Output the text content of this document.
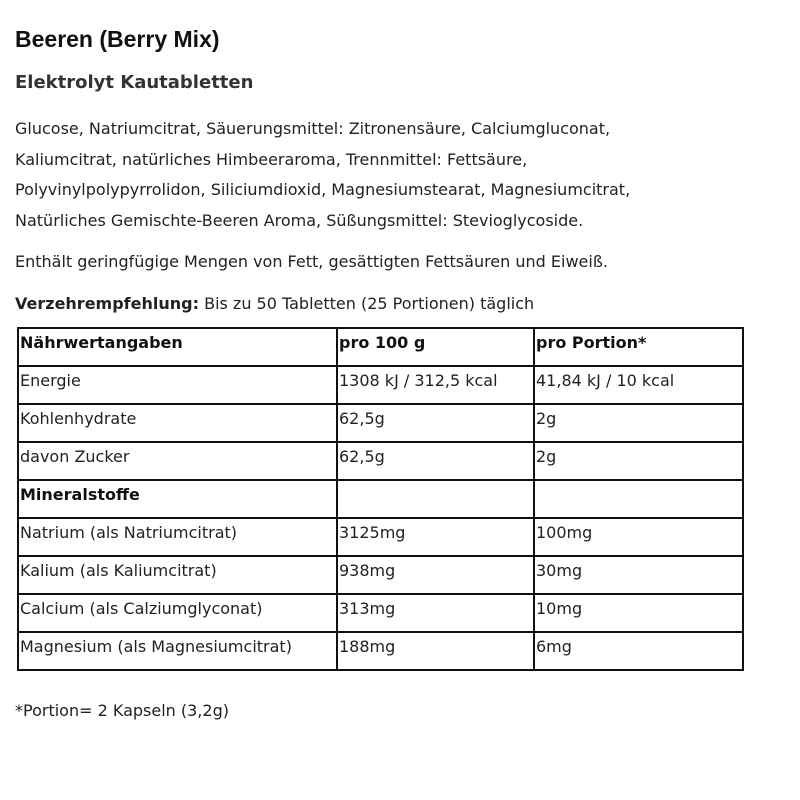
Beeren (Berry Mix)
Elektrolyt Kautabletten

Glucose, Natriumcitrat, Säuerungsmittel: Zitronensäure, Calciumgluconat,
Kaliumcitrat, natürliches Himbeeraroma, Trennmittel: Fettsäure,
Polyvinylpolypyrrolidon, Siliciumdioxid, Magnesiumstearat, Magnesiumcitrat,
Natürliches Gemischte-Beeren Aroma, Süßungsmittel: Stevioglycoside.

Enthält geringfügige Mengen von Fett, gesättigten Fettsäuren und Eiweiß.

Verzehrempfehlung: Bis zu 50 Tabletten (25 Portionen) täglich

Nährwertangaben	pro 100 g	pro Portion*
Energie	1308 kJ / 312,5 kcal	41,84 kJ / 10 kcal
Kohlenhydrate	62,5g	2g
davon Zucker	62,5g	2g
Mineralstoffe		
Natrium (als Natriumcitrat)	3125mg	100mg
Kalium (als Kaliumcitrat)	938mg	30mg
Calcium (als Calziumglyconat)	313mg	10mg
Magnesium (als Magnesiumcitrat)	188mg	6mg

*Portion= 2 Kapseln (3,2g)
